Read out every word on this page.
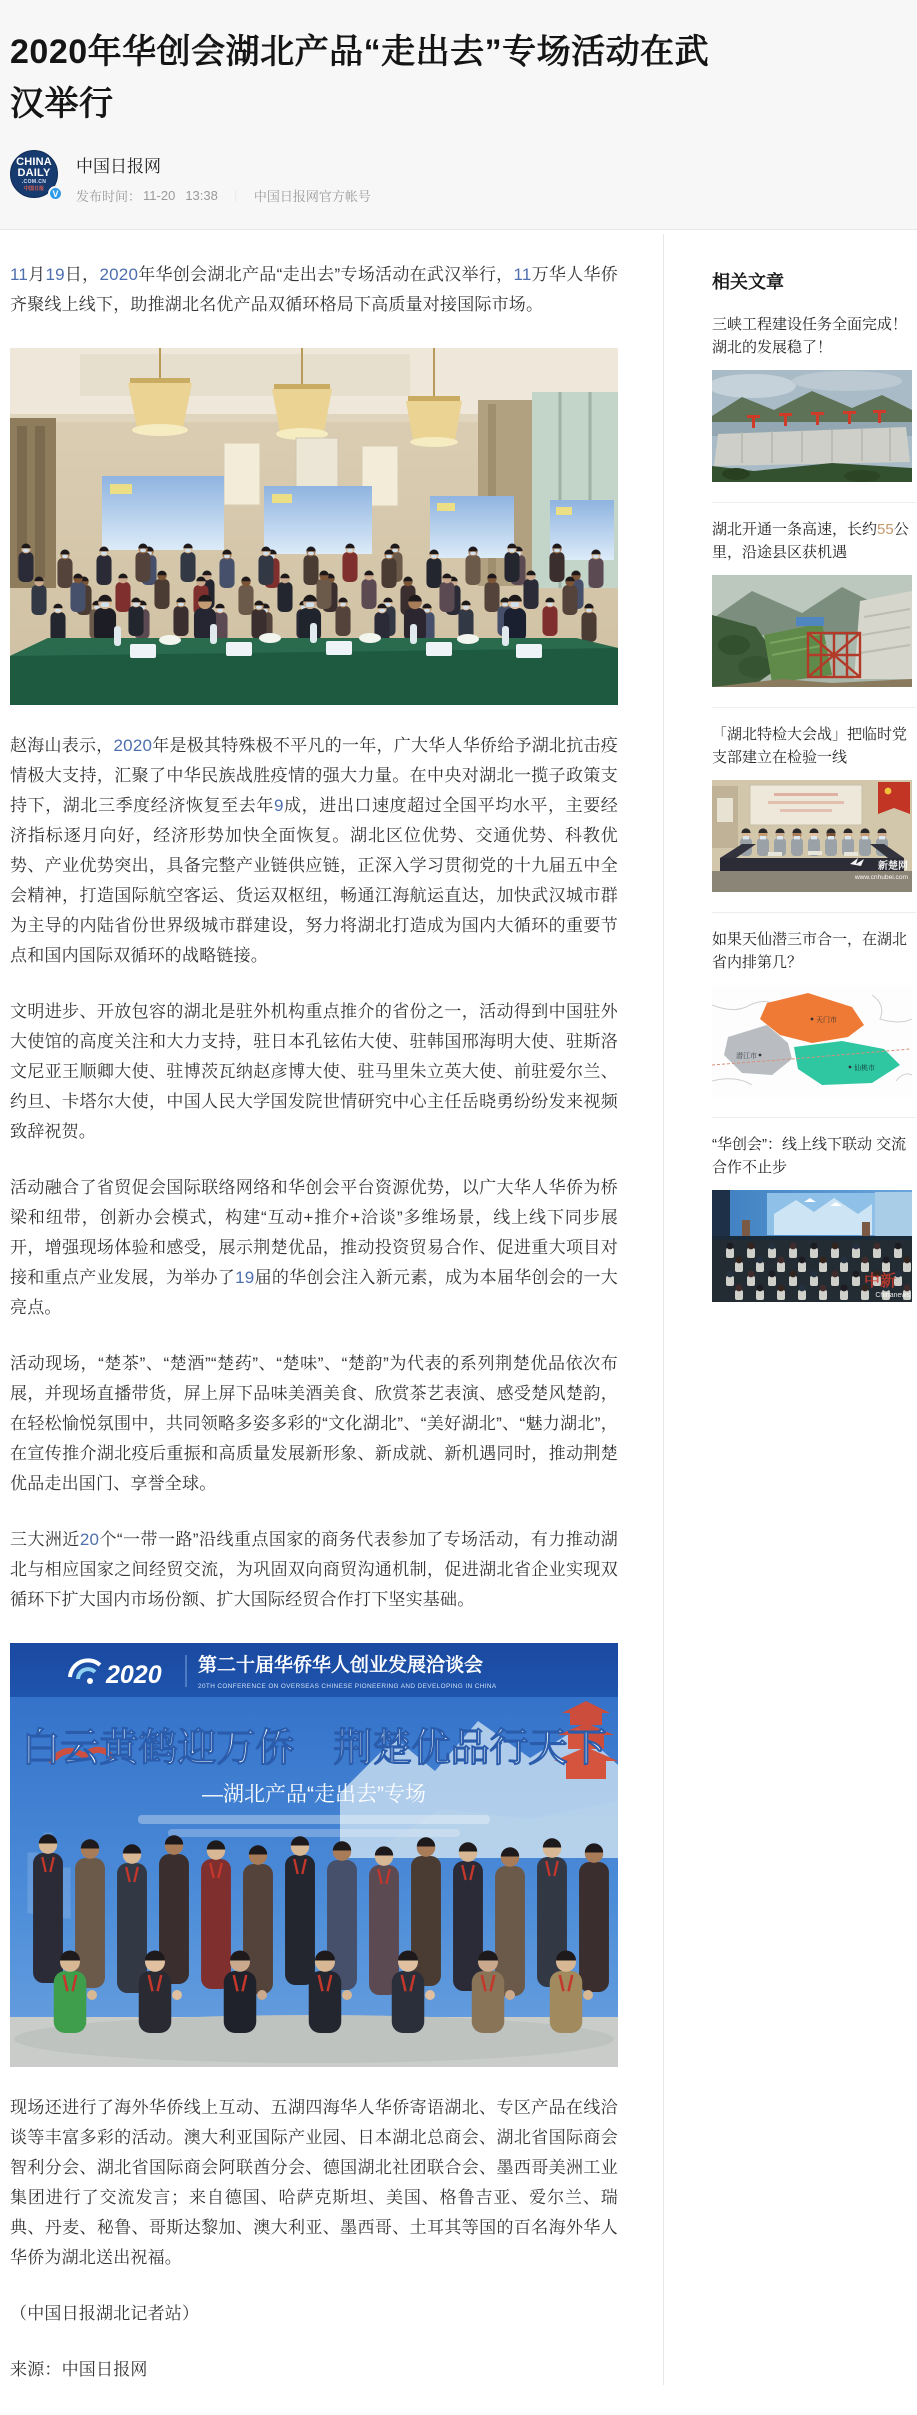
2020年华创会湖北产品“走出去”专场活动在武汉举行
CHINA
DAILY
.COM.CN
中国日报 V
中国日报网
发布时间： 11-20 13:38 ｜ 中国日报网官方帐号

11月19日，2020年华创会湖北产品“走出去”专场活动在武汉举行，11万华人华侨齐聚线上线下，助推湖北名优产品双循环格局下高质量对接国际市场。

赵海山表示，2020年是极其特殊极不平凡的一年，广大华人华侨给予湖北抗击疫情极大支持，汇聚了中华民族战胜疫情的强大力量。在中央对湖北一揽子政策支持下，湖北三季度经济恢复至去年9成，进出口速度超过全国平均水平，主要经济指标逐月向好，经济形势加快全面恢复。湖北区位优势、交通优势、科教优势、产业优势突出，具备完整产业链供应链，正深入学习贯彻党的十九届五中全会精神，打造国际航空客运、货运双枢纽，畅通江海航运直达，加快武汉城市群为主导的内陆省份世界级城市群建设，努力将湖北打造成为国内大循环的重要节点和国内国际双循环的战略链接。

文明进步、开放包容的湖北是驻外机构重点推介的省份之一，活动得到中国驻外大使馆的高度关注和大力支持，驻日本孔铉佑大使、驻韩国邢海明大使、驻斯洛文尼亚王顺卿大使、驻博茨瓦纳赵彦博大使、驻马里朱立英大使、前驻爱尔兰、约旦、卡塔尔大使，中国人民大学国发院世情研究中心主任岳晓勇纷纷发来视频致辞祝贺。

活动融合了省贸促会国际联络网络和华创会平台资源优势，以广大华人华侨为桥梁和纽带，创新办会模式，构建“互动+推介+洽谈”多维场景，线上线下同步展开，增强现场体验和感受，展示荆楚优品，推动投资贸易合作、促进重大项目对接和重点产业发展，为举办了19届的华创会注入新元素，成为本届华创会的一大亮点。

活动现场，“楚茶”、“楚酒”“楚药”、“楚味”、“楚韵”为代表的系列荆楚优品依次布展，并现场直播带货，屏上屏下品味美酒美食、欣赏茶艺表演、感受楚风楚韵，在轻松愉悦氛围中，共同领略多姿多彩的“文化湖北”、“美好湖北”、“魅力湖北”，在宣传推介湖北疫后重振和高质量发展新形象、新成就、新机遇同时，推动荆楚优品走出国门、享誉全球。

三大洲近20个“一带一路”沿线重点国家的商务代表参加了专场活动，有力推动湖北与相应国家之间经贸交流，为巩固双向商贸沟通机制，促进湖北省企业实现双循环下扩大国内市场份额、扩大国际经贸合作打下坚实基础。

2020 第二十届华侨华人创业发展洽谈会
20TH CONFERENCE ON OVERSEAS CHINESE PIONEERING AND DEVELOPING IN CHINA
白云黄鹤迎万侨　荆楚优品行天下
—湖北产品“走出去”专场

现场还进行了海外华侨线上互动、五湖四海华人华侨寄语湖北、专区产品在线洽谈等丰富多彩的活动。澳大利亚国际产业园、日本湖北总商会、湖北省国际商会智利分会、湖北省国际商会阿联酋分会、德国湖北社团联合会、墨西哥美洲工业集团进行了交流发言；来自德国、哈萨克斯坦、美国、格鲁吉亚、爱尔兰、瑞典、丹麦、秘鲁、哥斯达黎加、澳大利亚、墨西哥、土耳其等国的百名海外华人华侨为湖北送出祝福。

（中国日报湖北记者站）

来源：中国日报网

相关文章
三峡工程建设任务全面完成！湖北的发展稳了！
湖北开通一条高速，长约55公里，沿途县区获机遇
「湖北特检大会战」把临时党支部建立在检验一线
新楚网
www.cnhubei.com
如果天仙潜三市合一，在湖北省内排第几？
天门市
潜江市
仙桃市
“华创会”：线上线下联动 交流合作不止步
中新
Chinanews
